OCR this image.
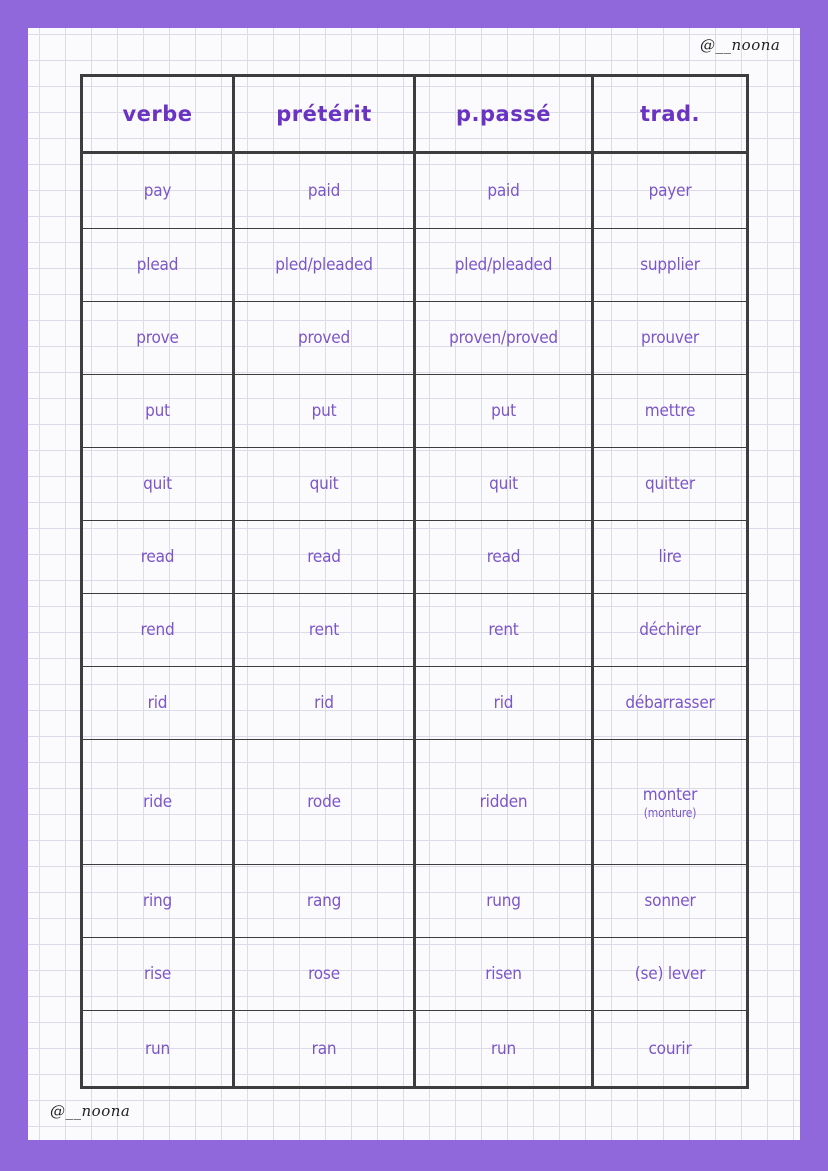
@__noona
verbe	prétérit	p.passé	trad.
pay	paid	paid	payer
plead	pled/pleaded	pled/pleaded	supplier
prove	proved	proven/proved	prouver
put	put	put	mettre
quit	quit	quit	quitter
read	read	read	lire
rend	rent	rent	déchirer
rid	rid	rid	débarrasser
ride	rode	ridden	monter
(monture)

ring	rang	rung	sonner
rise	rose	risen	(se) lever
run	ran	run	courir
@__noona
